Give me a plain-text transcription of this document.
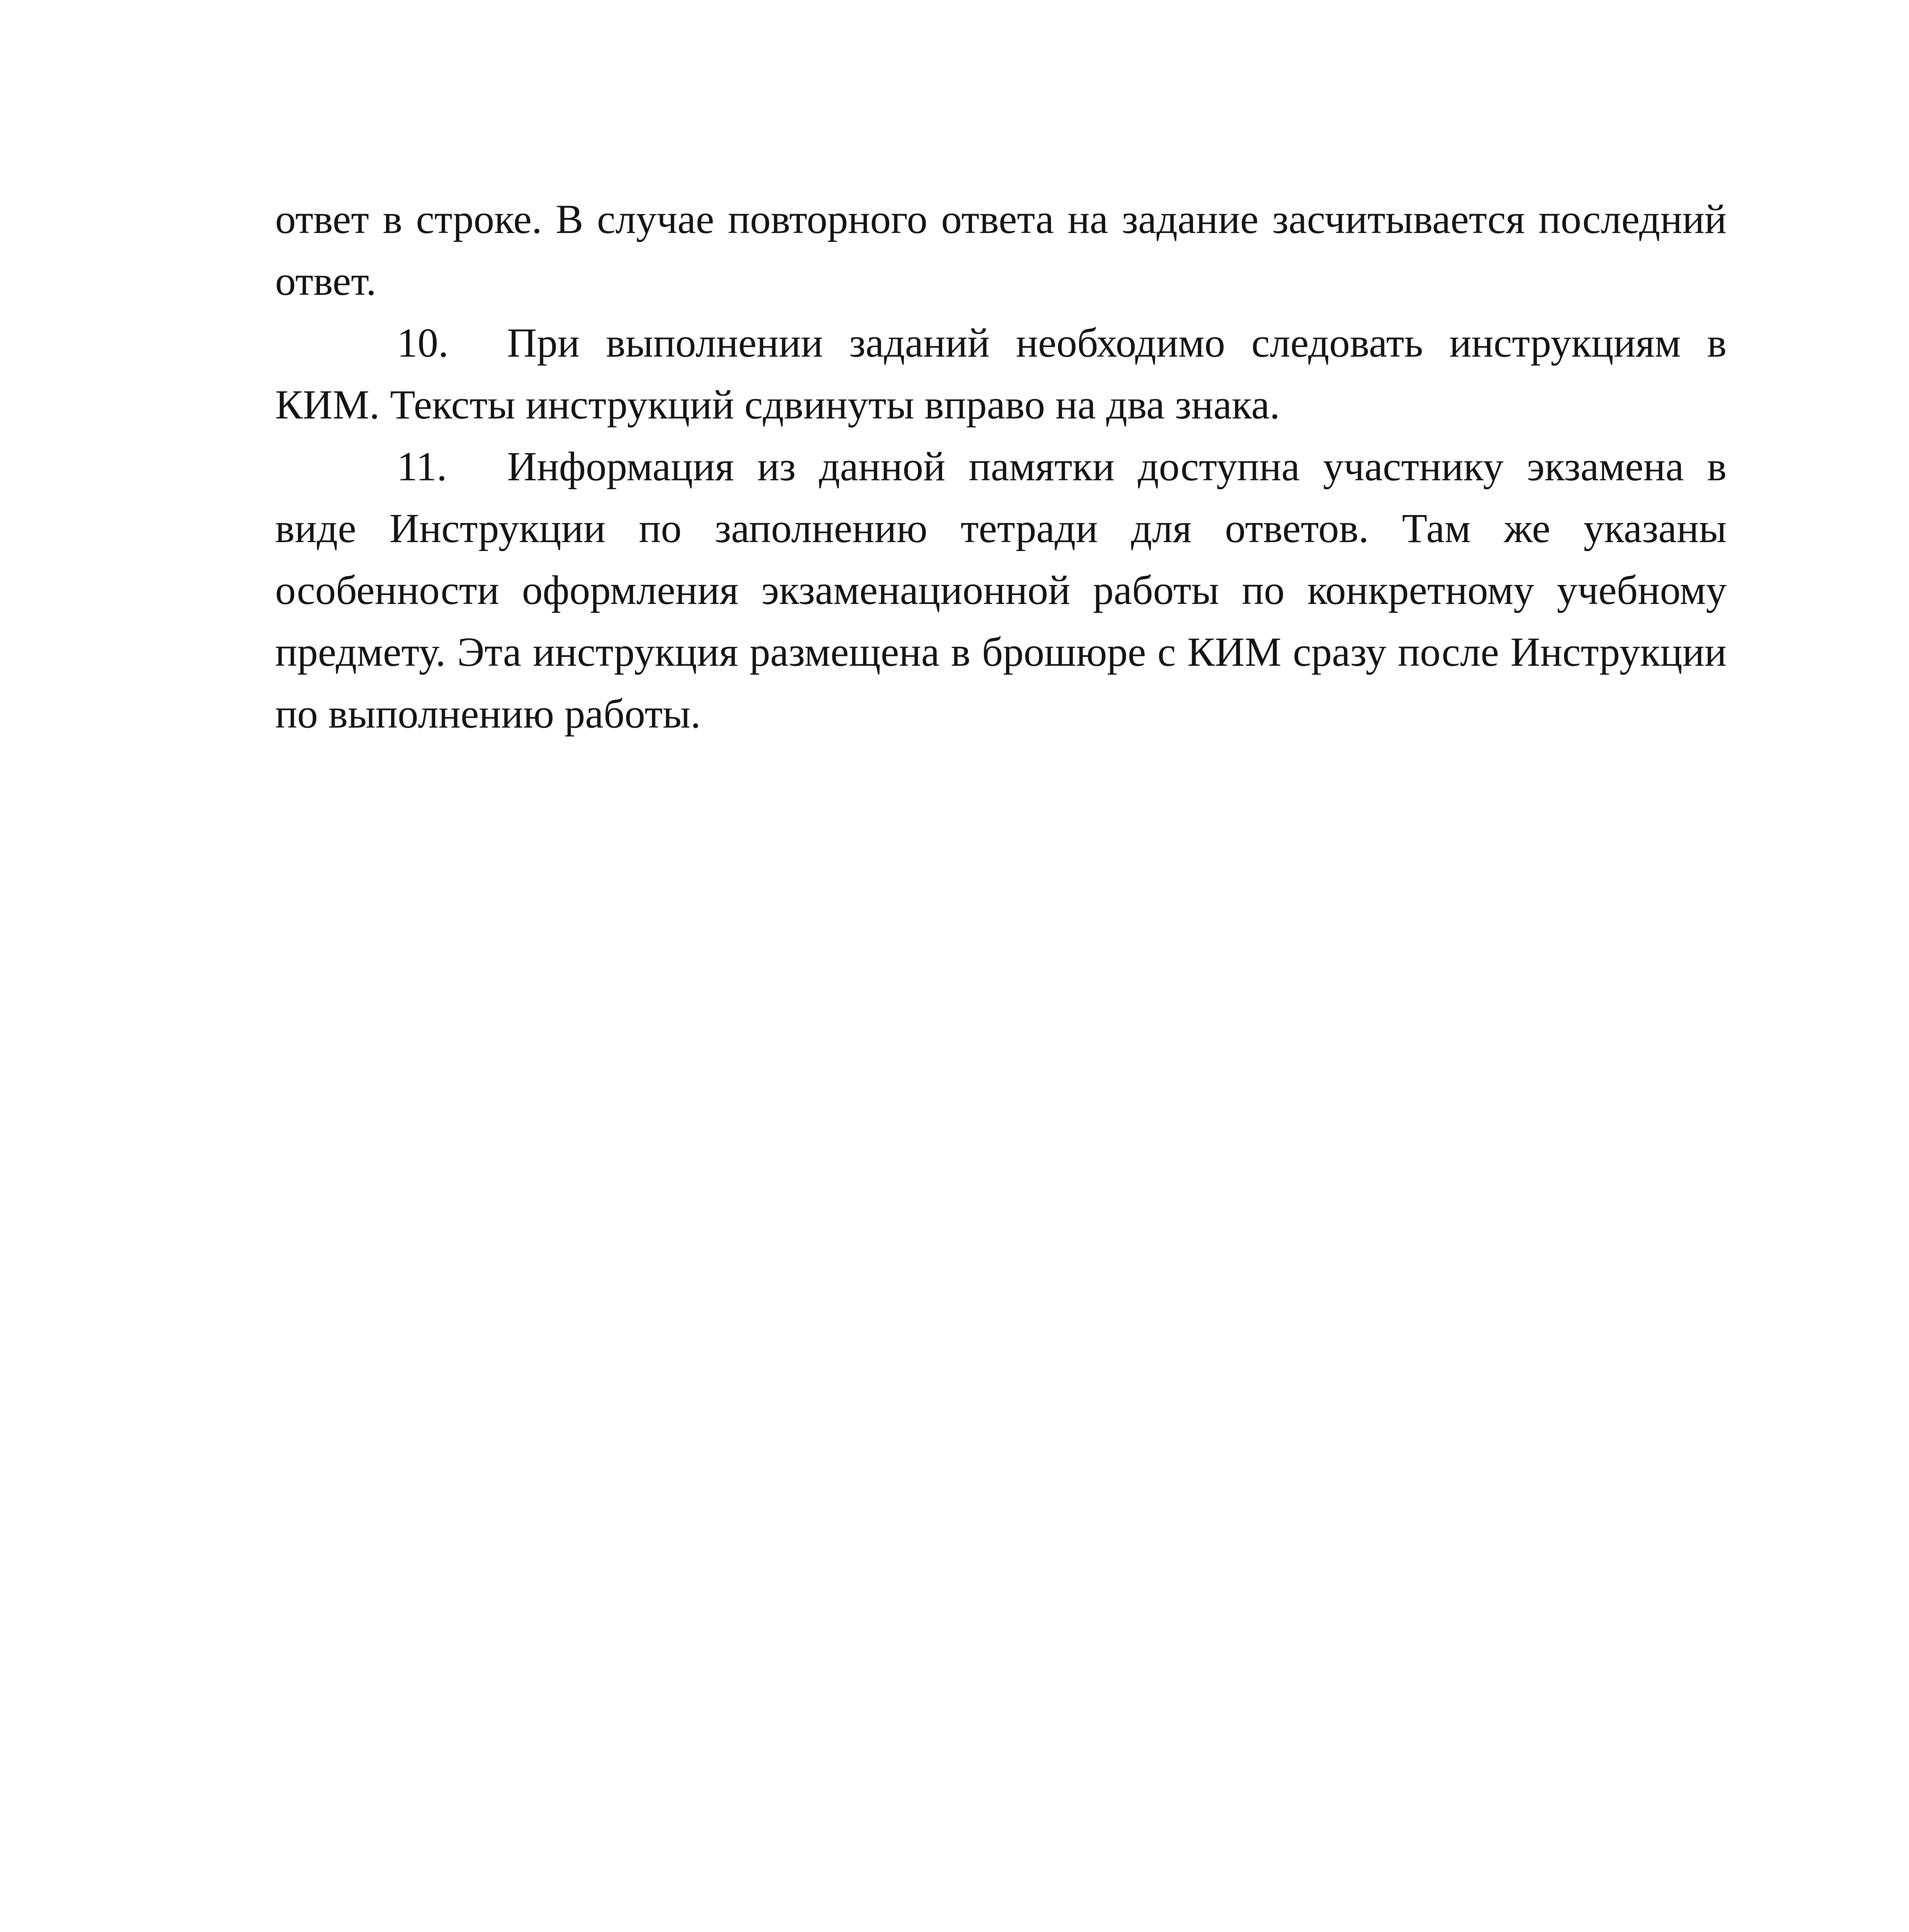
ответ в строке. В случае повторного ответа на задание засчитывается последний ответ.

10. При выполнении заданий необходимо следовать инструкциям в КИМ. Тексты инструкций сдвинуты вправо на два знака.

11. Информация из данной памятки доступна участнику экзамена в виде Инструкции по заполнению тетради для ответов. Там же указаны особенности оформления экзаменационной работы по конкретному учебному предмету. Эта инструкция размещена в брошюре с КИМ сразу после Инструкции по выполнению работы.
